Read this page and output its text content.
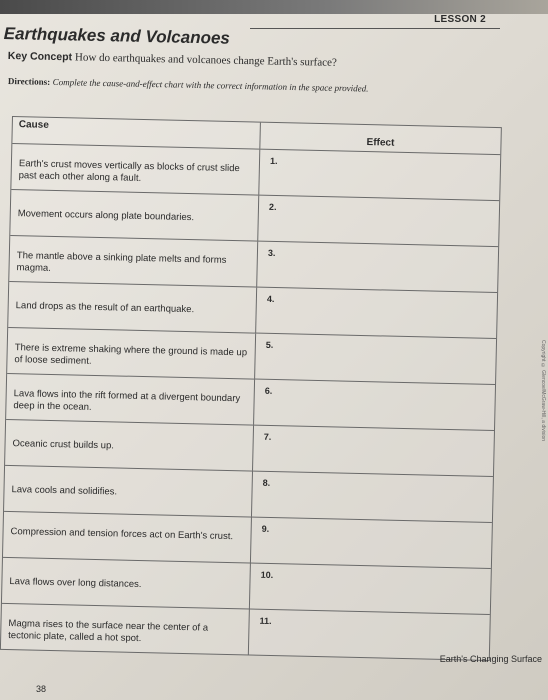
LESSON 2
Earthquakes and Volcanoes
Key Concept How do earthquakes and volcanoes change Earth's surface?
Directions: Complete the cause-and-effect chart with the correct information in the space provided.
Cause
Effect
Earth's crust moves vertically as blocks of crust slide past each other along a fault.
1.
Movement occurs along plate boundaries.
2.
The mantle above a sinking plate melts and forms magma.
3.
Land drops as the result of an earthquake.
4.
There is extreme shaking where the ground is made up of loose sediment.
5.
Lava flows into the rift formed at a divergent boundary deep in the ocean.
6.
Oceanic crust builds up.
7.
Lava cools and solidifies.
8.
Compression and tension forces act on Earth's crust.	9.
Lava flows over long distances.
10.
Magma rises to the surface near the center of a tectonic plate, called a hot spot.
11.
Earth's Changing Surface
38
Copyright © Glencoe/McGraw-Hill, a division
